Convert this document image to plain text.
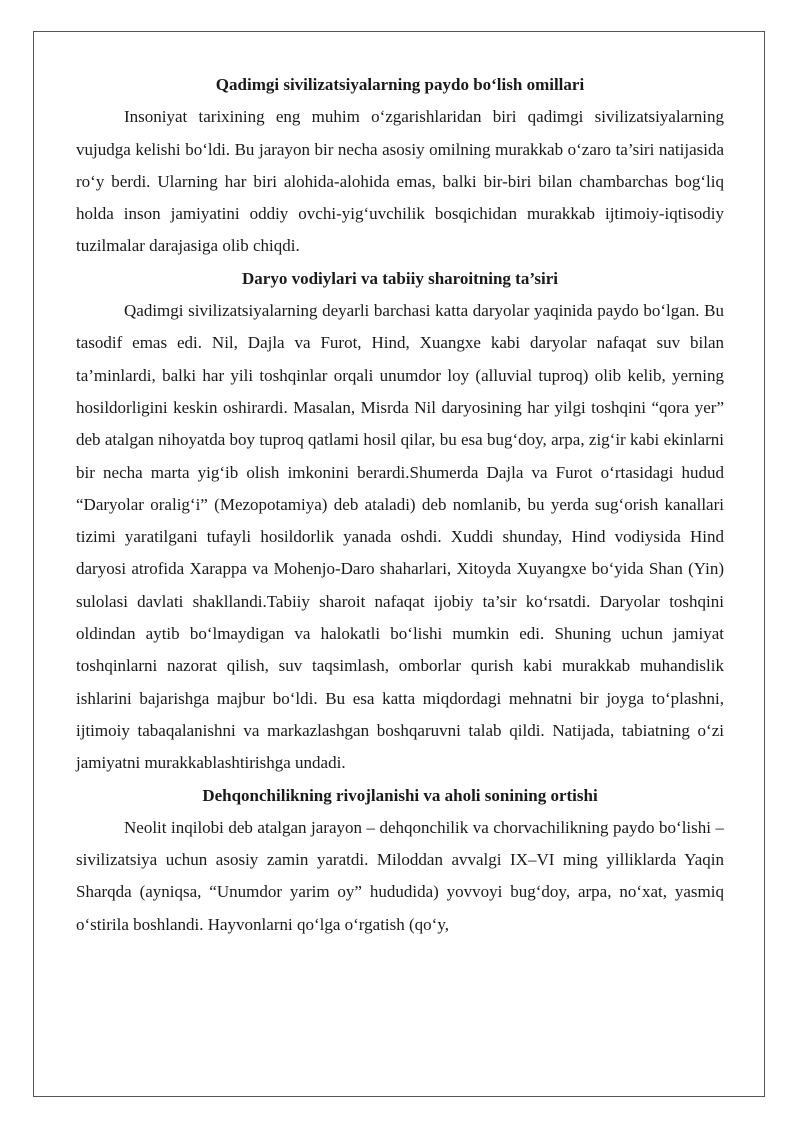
Qadimgi sivilizatsiyalarning paydo bo‘lish omillari

Insoniyat tarixining eng muhim o‘zgarishlaridan biri qadimgi sivilizatsiyalarning vujudga kelishi bo‘ldi. Bu jarayon bir necha asosiy omilning murakkab o‘zaro ta’siri natijasida ro‘y berdi. Ularning har biri alohida-alohida emas, balki bir-biri bilan chambarchas bog‘liq holda inson jamiyatini oddiy ovchi-yig‘uvchilik bosqichidan murakkab ijtimoiy-iqtisodiy tuzilmalar darajasiga olib chiqdi.

Daryo vodiylari va tabiiy sharoitning ta’siri

Qadimgi sivilizatsiyalarning deyarli barchasi katta daryolar yaqinida paydo bo‘lgan. Bu tasodif emas edi. Nil, Dajla va Furot, Hind, Xuangxe kabi daryolar nafaqat suv bilan ta’minlardi, balki har yili toshqinlar orqali unumdor loy (alluvial tuproq) olib kelib, yerning hosildorligini keskin oshirardi. Masalan, Misrda Nil daryosining har yilgi toshqini “qora yer” deb atalgan nihoyatda boy tuproq qatlami hosil qilar, bu esa bug‘doy, arpa, zig‘ir kabi ekinlarni bir necha marta yig‘ib olish imkonini berardi.Shumerda Dajla va Furot o‘rtasidagi hudud “Daryolar oralig‘i” (Mezopotamiya) deb ataladi) deb nomlanib, bu yerda sug‘orish kanallari tizimi yaratilgani tufayli hosildorlik yanada oshdi. Xuddi shunday, Hind vodiysida Hind daryosi atrofida Xarappa va Mohenjo-Daro shaharlari, Xitoyda Xuyangxe bo‘yida Shan (Yin) sulolasi davlati shakllandi.Tabiiy sharoit nafaqat ijobiy ta’sir ko‘rsatdi. Daryolar toshqini oldindan aytib bo‘lmaydigan va halokatli bo‘lishi mumkin edi. Shuning uchun jamiyat toshqinlarni nazorat qilish, suv taqsimlash, omborlar qurish kabi murakkab muhandislik ishlarini bajarishga majbur bo‘ldi. Bu esa katta miqdordagi mehnatni bir joyga to‘plashni, ijtimoiy tabaqalanishni va markazlashgan boshqaruvni talab qildi. Natijada, tabiatning o‘zi jamiyatni murakkablashtirishga undadi.

Dehqonchilikning rivojlanishi va aholi sonining ortishi

Neolit inqilobi deb atalgan jarayon – dehqonchilik va chorvachilikning paydo bo‘lishi – sivilizatsiya uchun asosiy zamin yaratdi. Miloddan avvalgi IX–VI ming yilliklarda Yaqin Sharqda (ayniqsa, “Unumdor yarim oy” hududida) yovvoyi bug‘doy, arpa, no‘xat, yasmiq o‘stirila boshlandi. Hayvonlarni qo‘lga o‘rgatish (qo‘y,
